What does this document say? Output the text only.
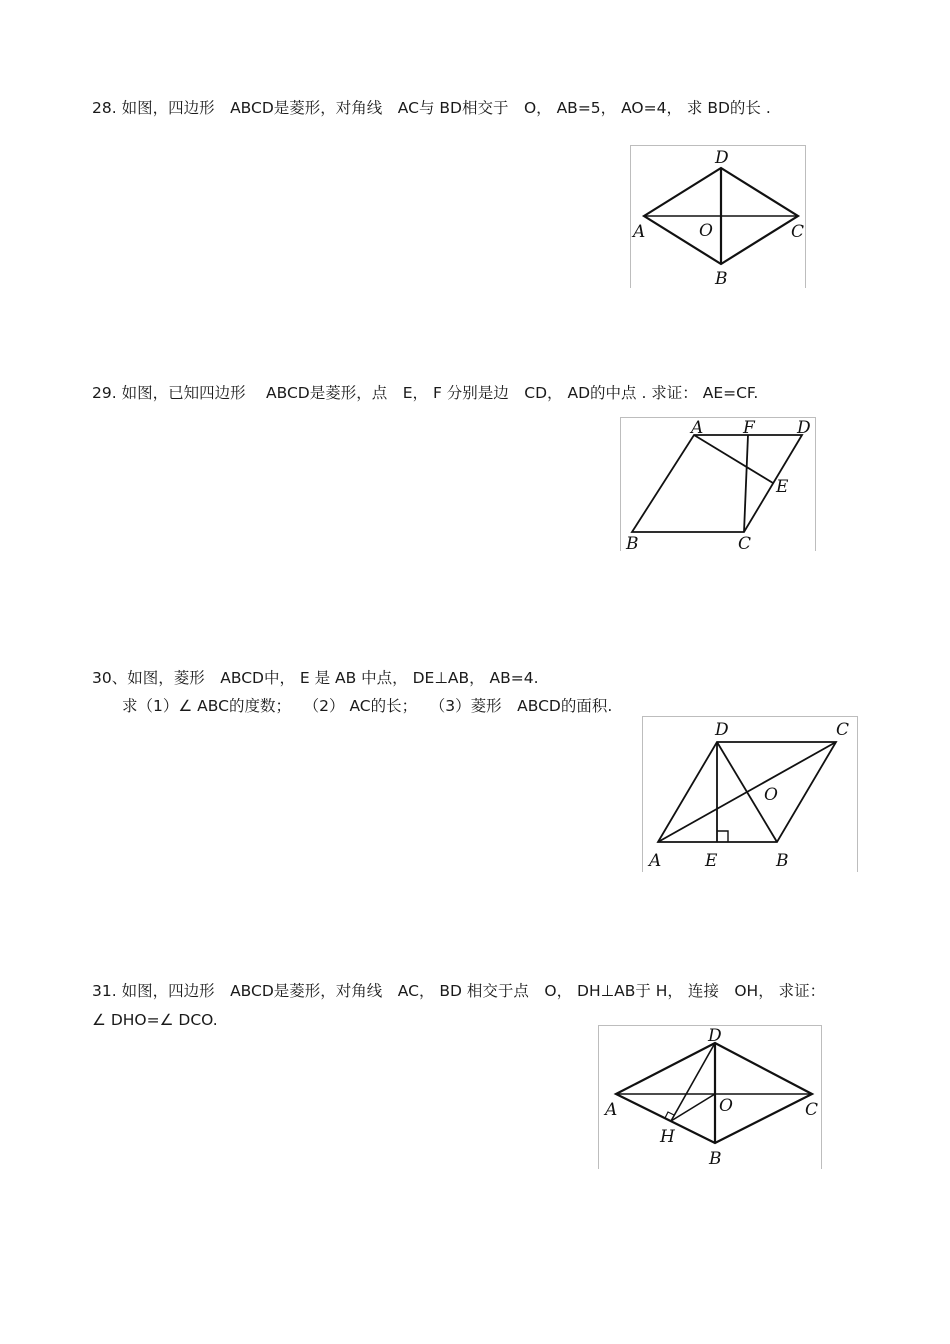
28. 如图，四边形　ABCD是菱形，对角线　AC与 BD相交于　O， AB=5， AO=4， 求 BD的长 .
D
A	O	C
B
29. 如图，已知四边形　 ABCD是菱形，点　E， F 分别是边　CD， AD的中点 . 求证： AE=CF.
A F D
E
B	C
30、如图，菱形　ABCD中， E 是 AB 中点， DE⊥AB， AB=4.
求（1）∠ ABC的度数；　 （2） AC的长；　 （3）菱形　ABCD的面积.
D	C
O
A	E	B
31. 如图，四边形　ABCD是菱形，对角线　AC， BD 相交于点　O， DH⊥AB于 H， 连接　OH， 求证：
∠ DHO=∠ DCO.
D
A	O	C
H
B
